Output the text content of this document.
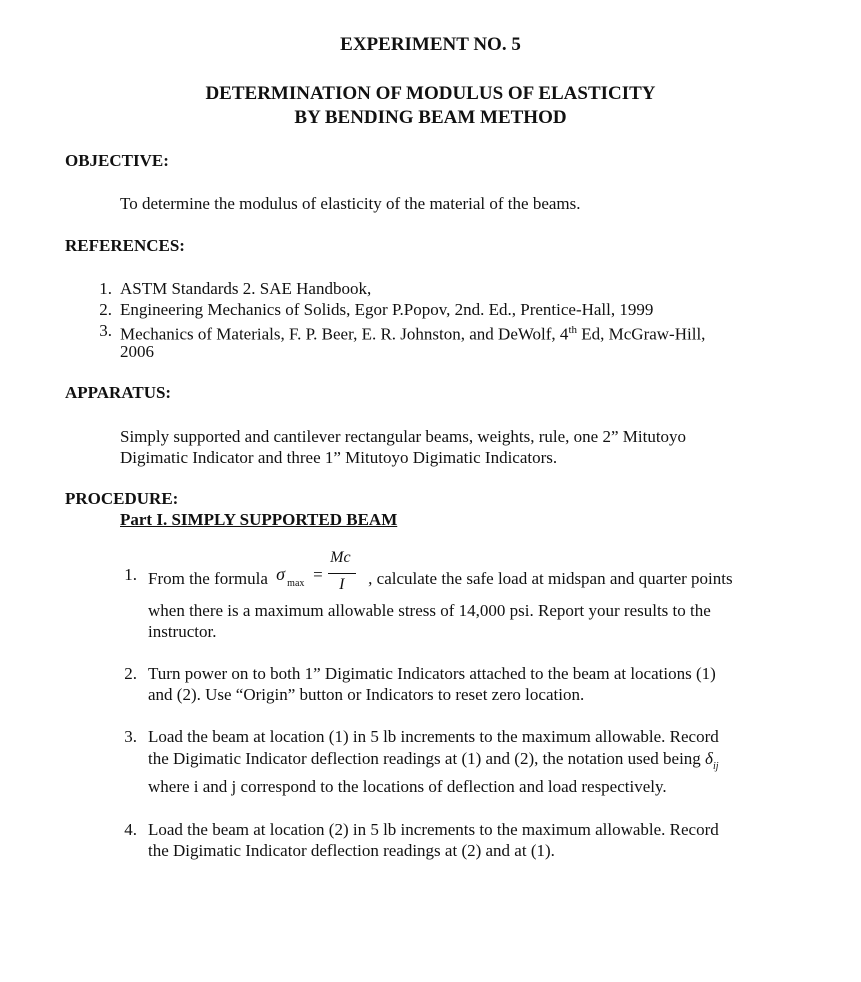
EXPERIMENT NO. 5
DETERMINATION OF MODULUS OF ELASTICITY
BY BENDING BEAM METHOD
OBJECTIVE:
To determine the modulus of elasticity of the material of the beams.
REFERENCES:
1. ASTM Standards 2. SAE Handbook,
2. Engineering Mechanics of Solids, Egor P.Popov, 2nd. Ed., Prentice-Hall, 1999
3. Mechanics of Materials, F. P. Beer, E. R. Johnston, and DeWolf, 4th Ed, McGraw-Hill,
2006
APPARATUS:
Simply supported and cantilever rectangular beams, weights, rule, one 2” Mitutoyo
Digimatic Indicator and three 1” Mitutoyo Digimatic Indicators.
PROCEDURE:
Part I. SIMPLY SUPPORTED BEAM
1. From the formula σ max =
Mc
I , calculate the safe load at midspan and quarter points
when there is a maximum allowable stress of 14,000 psi. Report your results to the
instructor.
2. Turn power on to both 1” Digimatic Indicators attached to the beam at locations (1)
and (2). Use “Origin” button or Indicators to reset zero location.
3. Load the beam at location (1) in 5 lb increments to the maximum allowable. Record
the Digimatic Indicator deflection readings at (1) and (2), the notation used being $\delta_{ij}$
where i and j correspond to the locations of deflection and load respectively.
4. Load the beam at location (2) in 5 lb increments to the maximum allowable. Record
the Digimatic Indicator deflection readings at (2) and at (1).
